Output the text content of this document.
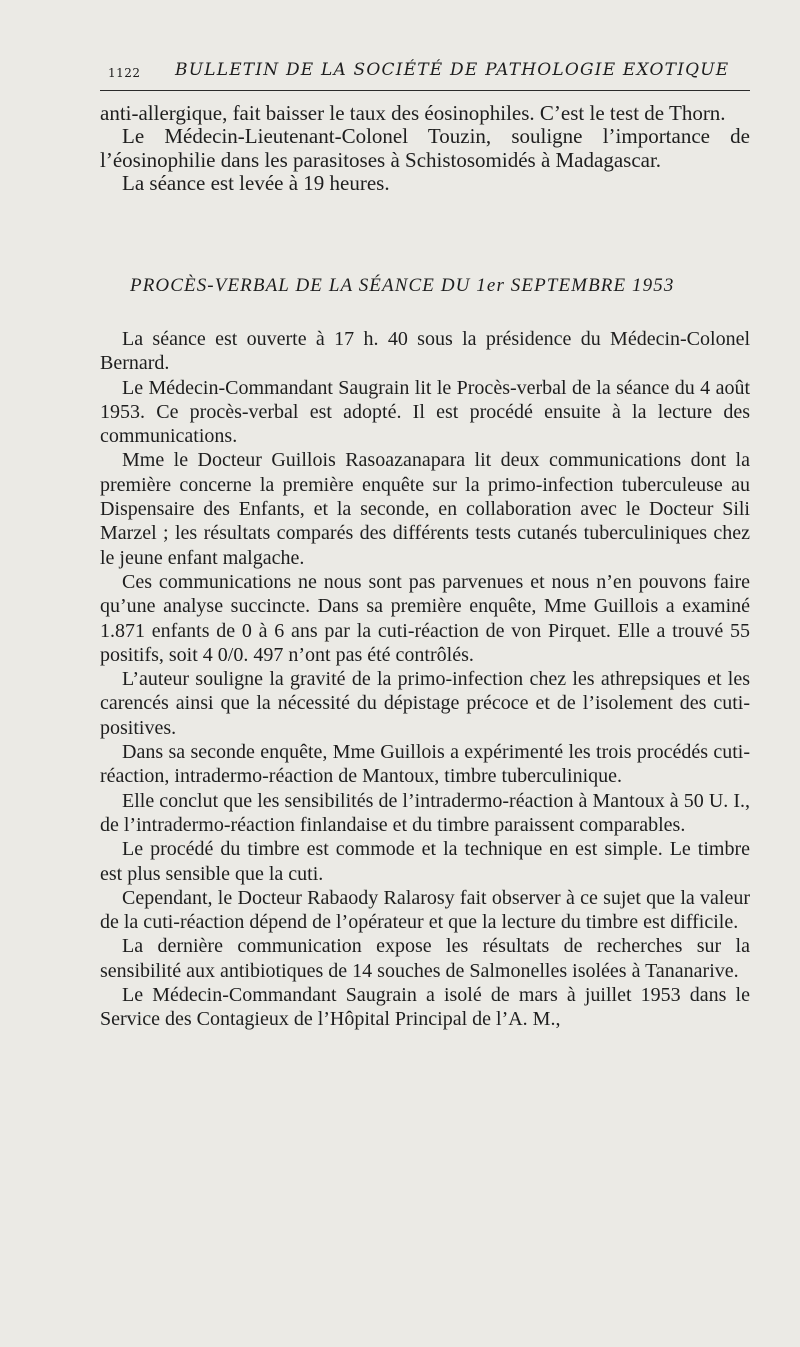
1122 BULLETIN DE LA SOCIÉTÉ DE PATHOLOGIE EXOTIQUE

anti-allergique, fait baisser le taux des éosinophiles. C’est le test de Thorn.

Le Médecin-Lieutenant-Colonel Touzin, souligne l’importance de l’éosinophilie dans les parasitoses à Schistosomidés à Madagascar.

La séance est levée à 19 heures.

PROCÈS-VERBAL DE LA SÉANCE DU 1er SEPTEMBRE 1953

La séance est ouverte à 17 h. 40 sous la présidence du Médecin-Colonel Bernard.

Le Médecin-Commandant Saugrain lit le Procès-verbal de la séance du 4 août 1953. Ce procès-verbal est adopté. Il est procédé ensuite à la lecture des communications.

Mme le Docteur Guillois Rasoazanapara lit deux communications dont la première concerne la première enquête sur la primo-infection tuberculeuse au Dispensaire des Enfants, et la seconde, en collaboration avec le Docteur Sili Marzel ; les résultats comparés des différents tests cutanés tuberculiniques chez le jeune enfant malgache.

Ces communications ne nous sont pas parvenues et nous n’en pouvons faire qu’une analyse succincte. Dans sa première enquête, Mme Guillois a examiné 1.871 enfants de 0 à 6 ans par la cuti-réaction de von Pirquet. Elle a trouvé 55 positifs, soit 4 0/0. 497 n’ont pas été contrôlés.

L’auteur souligne la gravité de la primo-infection chez les athrepsiques et les carencés ainsi que la nécessité du dépistage précoce et de l’isolement des cuti-positives.

Dans sa seconde enquête, Mme Guillois a expérimenté les trois procédés cuti-réaction, intradermo-réaction de Mantoux, timbre tuberculinique.

Elle conclut que les sensibilités de l’intradermo-réaction à Mantoux à 50 U. I., de l’intradermo-réaction finlandaise et du timbre paraissent comparables.

Le procédé du timbre est commode et la technique en est simple. Le timbre est plus sensible que la cuti.

Cependant, le Docteur Rabaody Ralarosy fait observer à ce sujet que la valeur de la cuti-réaction dépend de l’opérateur et que la lecture du timbre est difficile.

La dernière communication expose les résultats de recherches sur la sensibilité aux antibiotiques de 14 souches de Salmonelles isolées à Tananarive.

Le Médecin-Commandant Saugrain a isolé de mars à juillet 1953 dans le Service des Contagieux de l’Hôpital Principal de l’A. M.,
